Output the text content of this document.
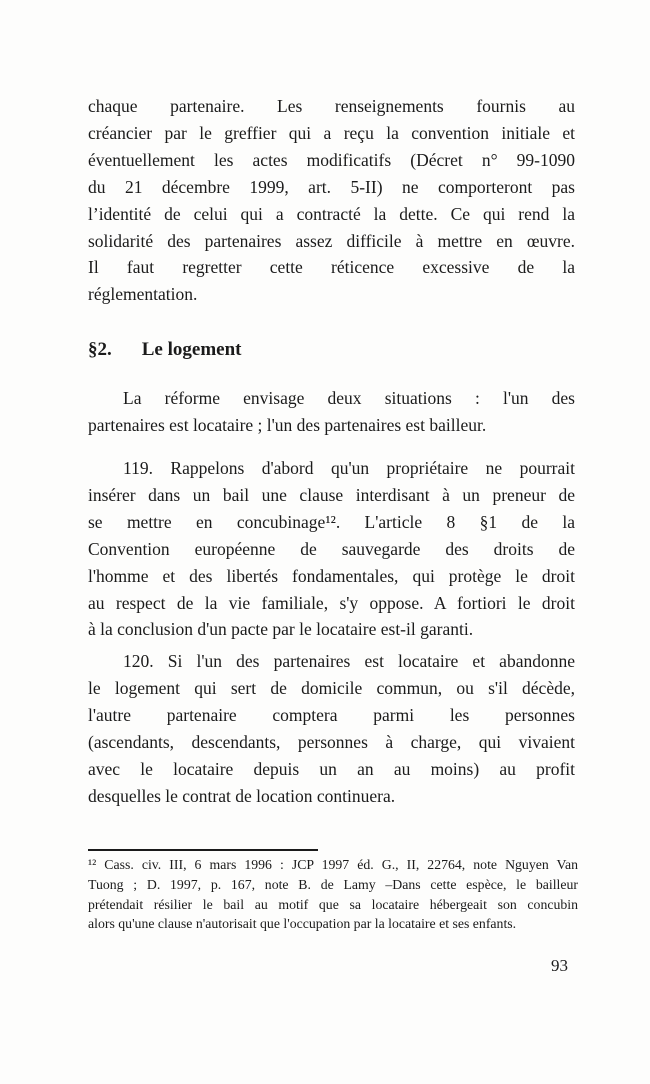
chaque partenaire. Les renseignements fournis au
créancier par le greffier qui a reçu la convention initiale et
éventuellement les actes modificatifs (Décret n° 99-1090
du 21 décembre 1999, art. 5-II) ne comporteront pas
l’identité de celui qui a contracté la dette. Ce qui rend la
solidarité des partenaires assez difficile à mettre en œuvre.
Il faut regretter cette réticence excessive de la
réglementation.
§2. Le logement
La réforme envisage deux situations : l'un des
partenaires est locataire ; l'un des partenaires est bailleur.
119. Rappelons d'abord qu'un propriétaire ne pourrait
insérer dans un bail une clause interdisant à un preneur de
se mettre en concubinage¹². L'article 8 §1 de la
Convention européenne de sauvegarde des droits de
l'homme et des libertés fondamentales, qui protège le droit
au respect de la vie familiale, s'y oppose. A fortiori le droit
à la conclusion d'un pacte par le locataire est-il garanti.
120. Si l'un des partenaires est locataire et abandonne
le logement qui sert de domicile commun, ou s'il décède,
l'autre partenaire comptera parmi les personnes
(ascendants, descendants, personnes à charge, qui vivaient
avec le locataire depuis un an au moins) au profit
desquelles le contrat de location continuera.
¹² Cass. civ. III, 6 mars 1996 : JCP 1997 éd. G., II, 22764, note Nguyen Van
Tuong ; D. 1997, p. 167, note B. de Lamy –Dans cette espèce, le bailleur
prétendait résilier le bail au motif que sa locataire hébergeait son concubin
alors qu'une clause n'autorisait que l'occupation par la locataire et ses enfants.
93
